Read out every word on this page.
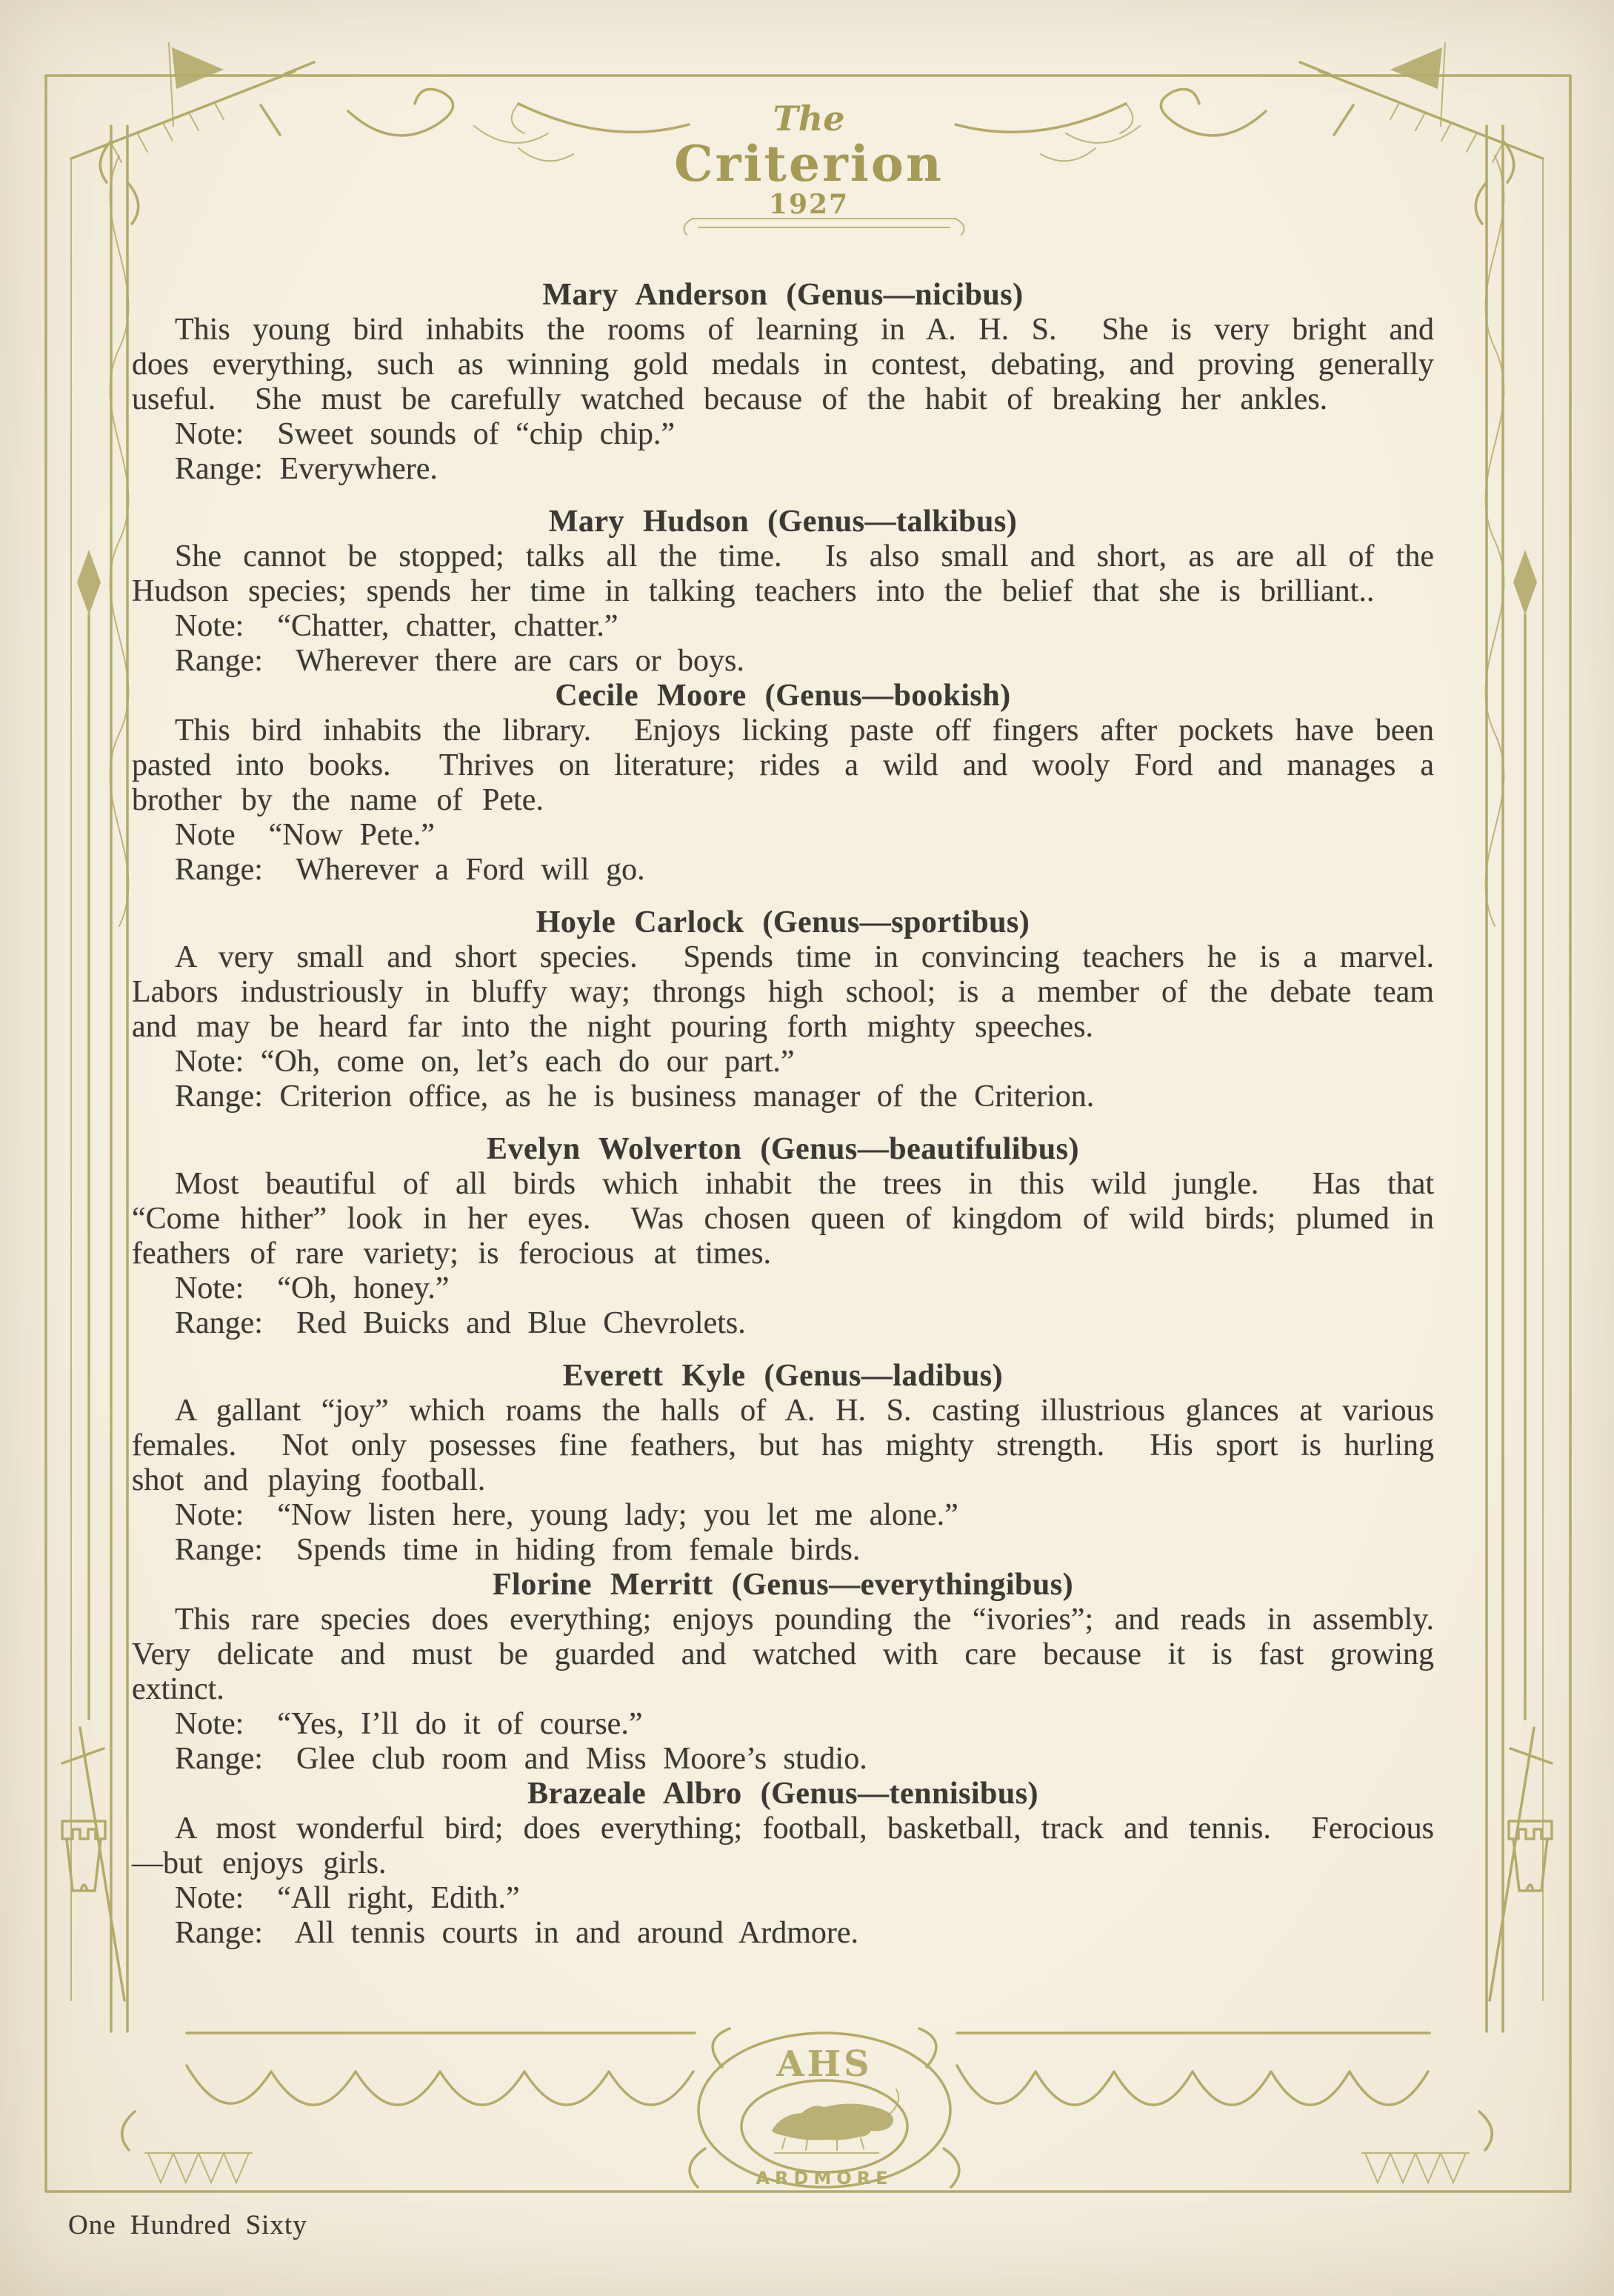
The
Criterion
1927
AHS
ARDMORE
Mary Anderson (Genus—nicibus)

This young bird inhabits the rooms of learning in A. H. S.  She is very bright and does everything, such as winning gold medals in contest, debating, and proving generally useful.  She must be carefully watched because of the habit of breaking her ankles.

Note:  Sweet sounds of “chip chip.”

Range: Everywhere.

Mary Hudson (Genus—talkibus)

She cannot be stopped; talks all the time.  Is also small and short, as are all of the Hudson species; spends her time in talking teachers into the belief that she is brilliant..

Note:  “Chatter, chatter, chatter.”

Range:  Wherever there are cars or boys.

Cecile Moore (Genus—bookish)

This bird inhabits the library.  Enjoys licking paste off fingers after pockets have been pasted into books.  Thrives on literature; rides a wild and wooly Ford and manages a brother by the name of Pete.

Note  “Now Pete.”

Range:  Wherever a Ford will go.

Hoyle Carlock (Genus—sportibus)

A very small and short species.  Spends time in convincing teachers he is a marvel.  Labors industriously in bluffy way; throngs high school; is a member of the debate team and may be heard far into the night pouring forth mighty speeches.

Note: “Oh, come on, let’s each do our part.”

Range: Criterion office, as he is business manager of the Criterion.

Evelyn Wolverton (Genus—beautifulibus)

Most beautiful of all birds which inhabit the trees in this wild jungle.  Has that “Come hither” look in her eyes.  Was chosen queen of kingdom of wild birds; plumed in feathers of rare variety; is ferocious at times.

Note:  “Oh, honey.”

Range:  Red Buicks and Blue Chevrolets.

Everett Kyle (Genus—ladibus)

A gallant “joy” which roams the halls of A. H. S. casting illustrious glances at various females.  Not only posesses fine feathers, but has mighty strength.  His sport is hurling shot and playing football.

Note:  “Now listen here, young lady; you let me alone.”

Range:  Spends time in hiding from female birds.

Florine Merritt (Genus—everythingibus)

This rare species does everything; enjoys pounding the “ivories”; and reads in assembly.  Very delicate and must be guarded and watched with care because it is fast growing extinct.

Note:  “Yes, I’ll do it of course.”

Range:  Glee club room and Miss Moore’s studio.

Brazeale Albro (Genus—tennisibus)

A most wonderful bird; does everything; football, basketball, track and tennis.  Ferocious—but enjoys girls.

Note:  “All right, Edith.”

Range:  All tennis courts in and around Ardmore.

One Hundred Sixty
